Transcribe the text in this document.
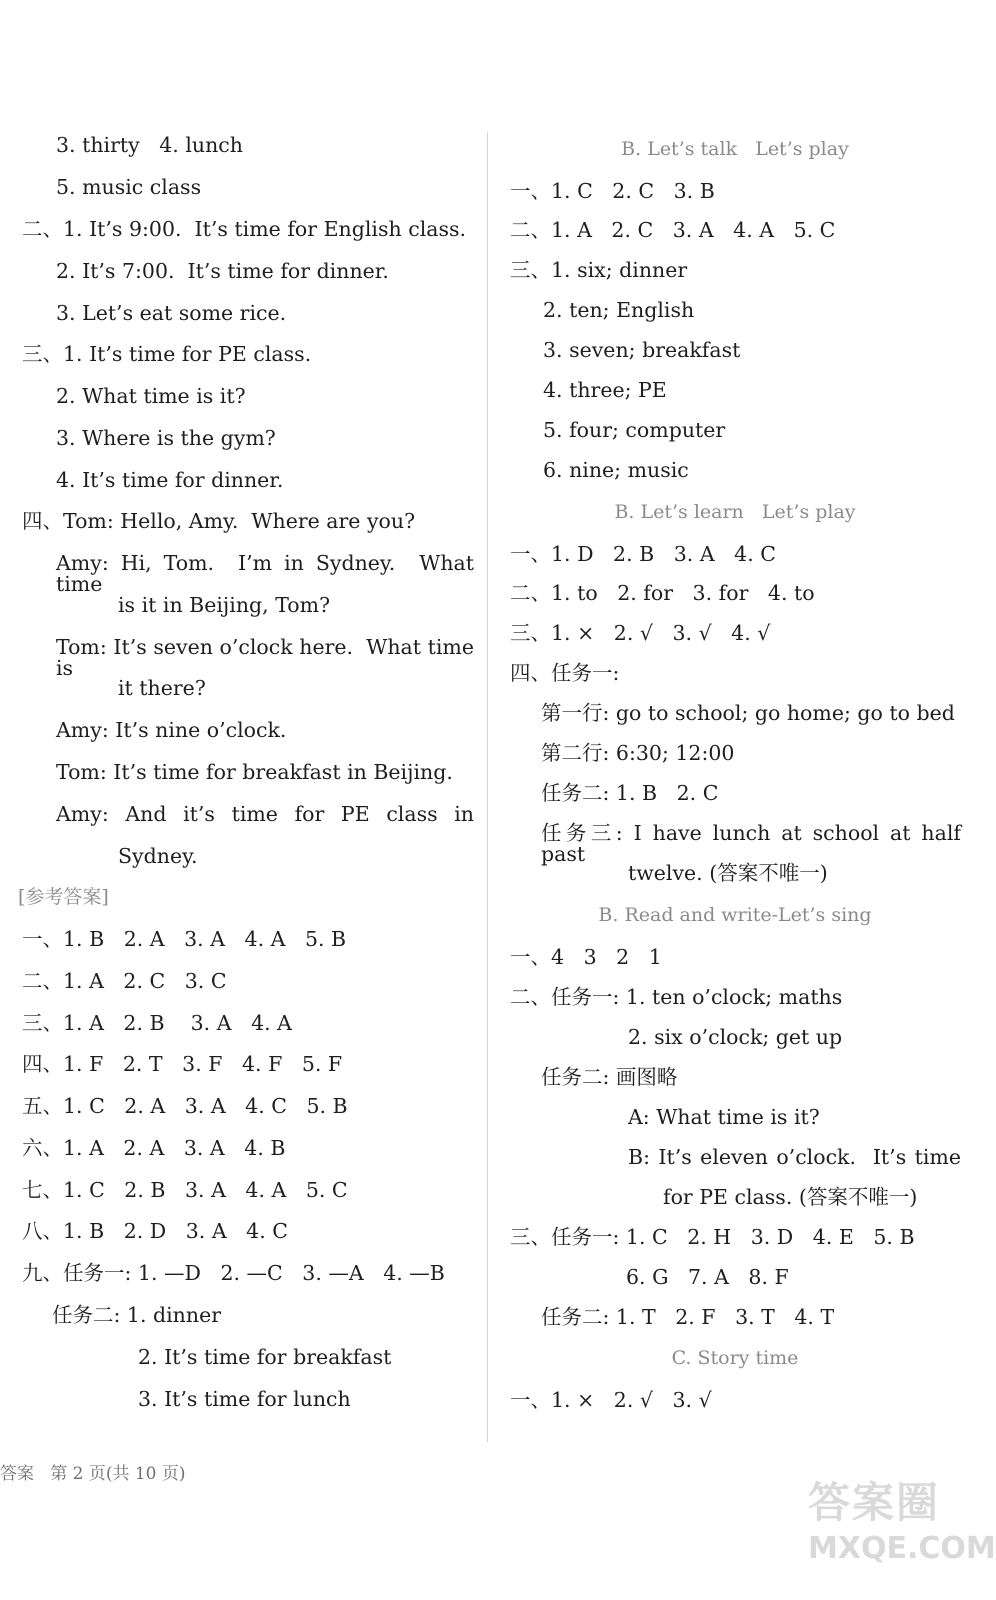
3. thirty   4. lunch
5. music class
二、1. It’s 9:00.  It’s time for English class.
2. It’s 7:00.  It’s time for dinner.
3. Let’s eat some rice.
三、1. It’s time for PE class.
2. What time is it?
3. Where is the gym?
4. It’s time for dinner.
四、Tom: Hello, Amy.  Where are you?
Amy: Hi, Tom.  I’m in Sydney.  What time
is it in Beijing, Tom?
Tom: It’s seven o’clock here.  What time is
it there?
Amy: It’s nine o’clock.
Tom: It’s time for breakfast in Beijing.
Amy: And it’s time for PE class in
Sydney.
[参考答案]
一、1. B   2. A   3. A   4. A   5. B
二、1. A   2. C   3. C
三、1. A   2. B    3. A   4. A
四、1. F   2. T   3. F   4. F   5. F
五、1. C   2. A   3. A   4. C   5. B
六、1. A   2. A   3. A   4. B
七、1. C   2. B   3. A   4. A   5. C
八、1. B   2. D   3. A   4. C
九、任务一: 1. —D   2. —C   3. —A   4. —B
任务二: 1. dinner
2. It’s time for breakfast
3. It’s time for lunch
B. Let’s talk   Let’s play
一、1. C   2. C   3. B
二、1. A   2. C   3. A   4. A   5. C
三、1. six; dinner
2. ten; English
3. seven; breakfast
4. three; PE
5. four; computer
6. nine; music
B. Let’s learn   Let’s play
一、1. D   2. B   3. A   4. C
二、1. to   2. for   3. for   4. to
三、1. ×   2. √   3. √   4. √
四、任务一:
第一行: go to school; go home; go to bed
第二行: 6:30; 12:00
任务二: 1. B   2. C
任务三: I have lunch at school at half past
twelve. (答案不唯一)
B. Read and write-Let’s sing
一、4   3   2   1
二、任务一: 1. ten o’clock; maths
2. six o’clock; get up
任务二: 画图略
A: What time is it?
B: It’s eleven o’clock.  It’s time
for PE class. (答案不唯一)
三、任务一: 1. C   2. H   3. D   4. E   5. B
6. G   7. A   8. F
任务二: 1. T   2. F   3. T   4. T
C. Story time
一、1. ×   2. √   3. √
答案   第 2 页(共 10 页)
答案圈
MXQE.COM
